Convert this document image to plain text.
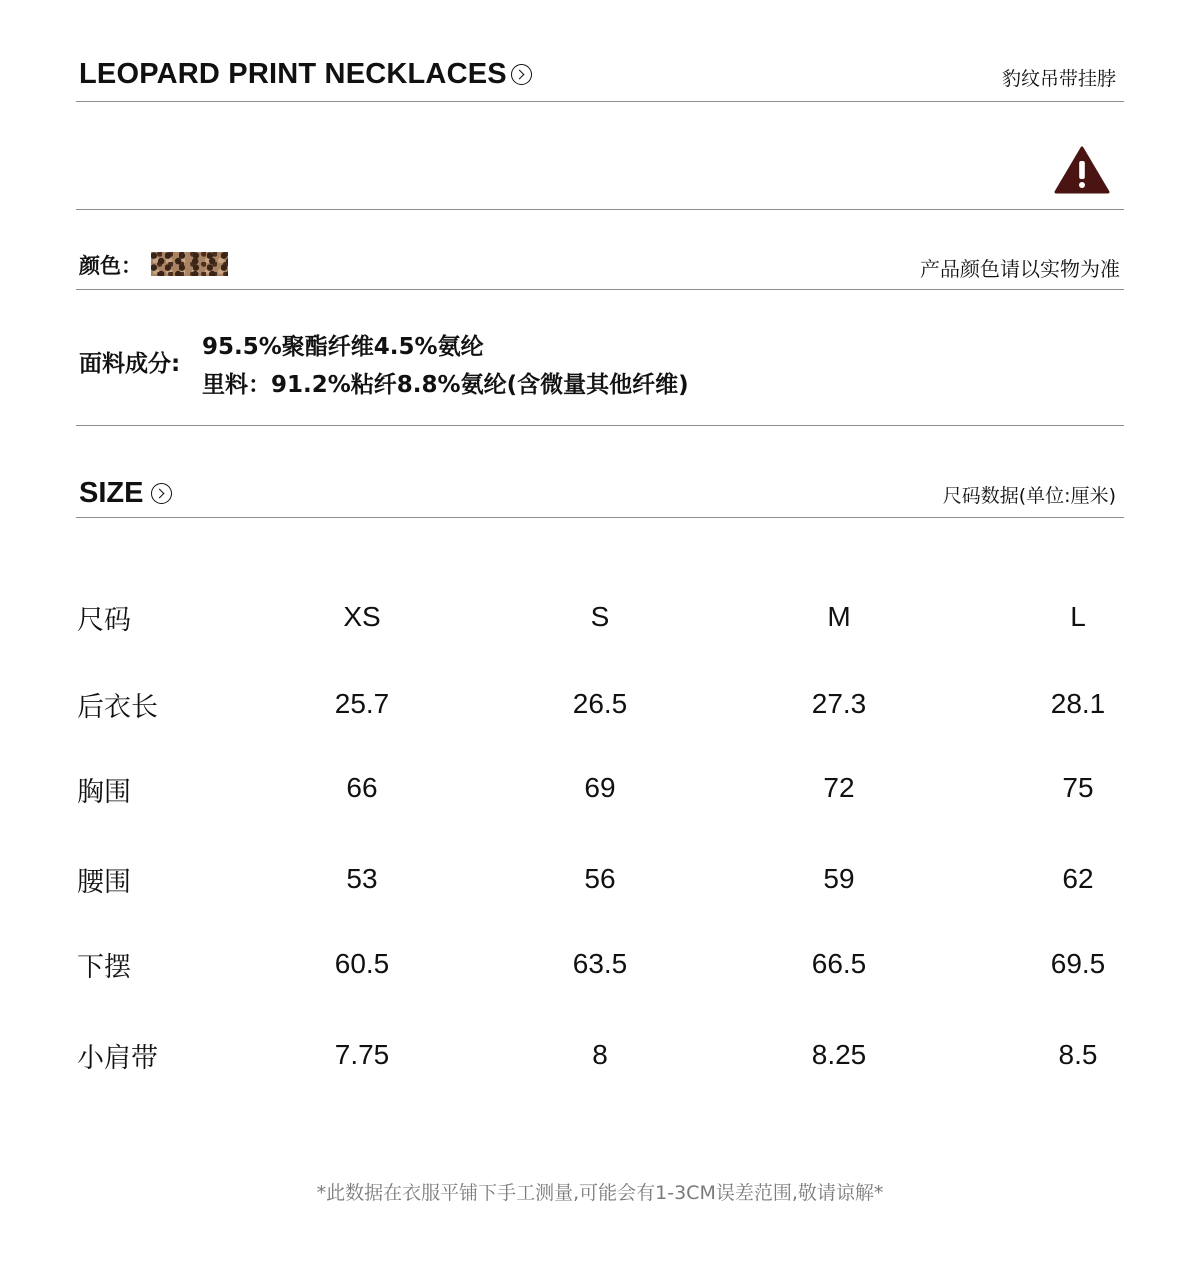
LEOPARD PRINT NECKLACES	豹纹吊带挂脖
颜色：	产品颜色请以实物为准
面料成分:
95.5%聚酯纤维4.5%氨纶
里料：91.2%粘纤8.8%氨纶(含微量其他纤维)
SIZE	尺码数据(单位:厘米)
尺码	XS	S	M	L
后衣长	25.7	26.5	27.3	28.1
胸围	66	69	72	75
腰围	53	56	59	62
下摆	60.5	63.5	66.5	69.5
小肩带	7.75	8	8.25	8.5
*此数据在衣服平铺下手工测量,可能会有1-3CM误差范围,敬请谅解*
